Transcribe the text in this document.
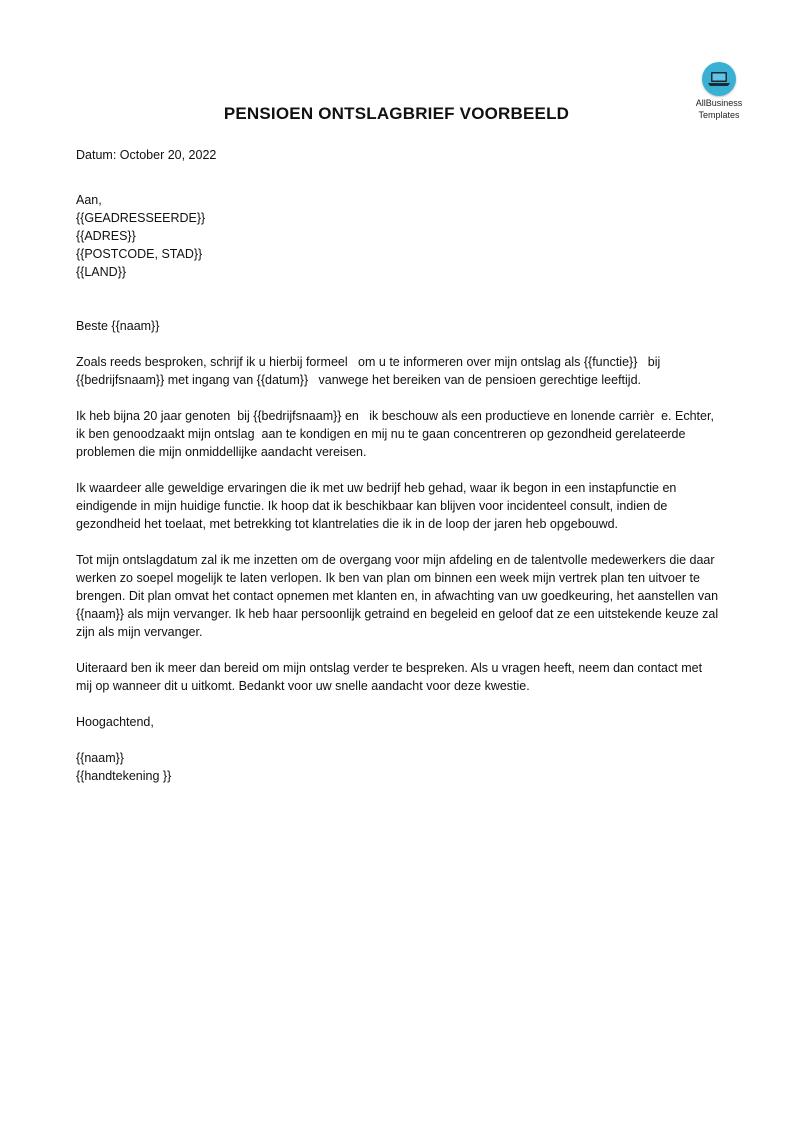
AllBusiness
Templates
PENSIOEN ONTSLAGBRIEF VOORBEELD

Datum: October 20, 2022

Aan,
{{GEADRESSEERDE}}
{{ADRES}}
{{POSTCODE, STAD}}
{{LAND}}

Beste {{naam}}

Zoals reeds besproken, schrijf ik u hierbij formeel   om u te informeren over mijn ontslag als {{functie}}   bij {{bedrijfsnaam}} met ingang van {{datum}}   vanwege het bereiken van de pensioen gerechtige leeftijd.

Ik heb bijna 20 jaar genoten  bij {{bedrijfsnaam}} en   ik beschouw als een productieve en lonende carrièr  e. Echter, ik ben genoodzaakt mijn ontslag  aan te kondigen en mij nu te gaan concentreren op gezondheid gerelateerde problemen die mijn onmiddellijke aandacht vereisen.

Ik waardeer alle geweldige ervaringen die ik met uw bedrijf heb gehad, waar ik begon in een instapfunctie en eindigende in mijn huidige functie. Ik hoop dat ik beschikbaar kan blijven voor incidenteel consult, indien de gezondheid het toelaat, met betrekking tot klantrelaties die ik in de loop der jaren heb opgebouwd.

Tot mijn ontslagdatum zal ik me inzetten om de overgang voor mijn afdeling en de talentvolle medewerkers die daar werken zo soepel mogelijk te laten verlopen. Ik ben van plan om binnen een week mijn vertrek plan ten uitvoer te brengen. Dit plan omvat het contact opnemen met klanten en, in afwachting van uw goedkeuring, het aanstellen van {{naam}} als mijn vervanger. Ik heb haar persoonlijk getraind en begeleid en geloof dat ze een uitstekende keuze zal zijn als mijn vervanger.

Uiteraard ben ik meer dan bereid om mijn ontslag verder te bespreken. Als u vragen heeft, neem dan contact met mij op wanneer dit u uitkomt. Bedankt voor uw snelle aandacht voor deze kwestie.

Hoogachtend,

{{naam}}
{{handtekening }}
